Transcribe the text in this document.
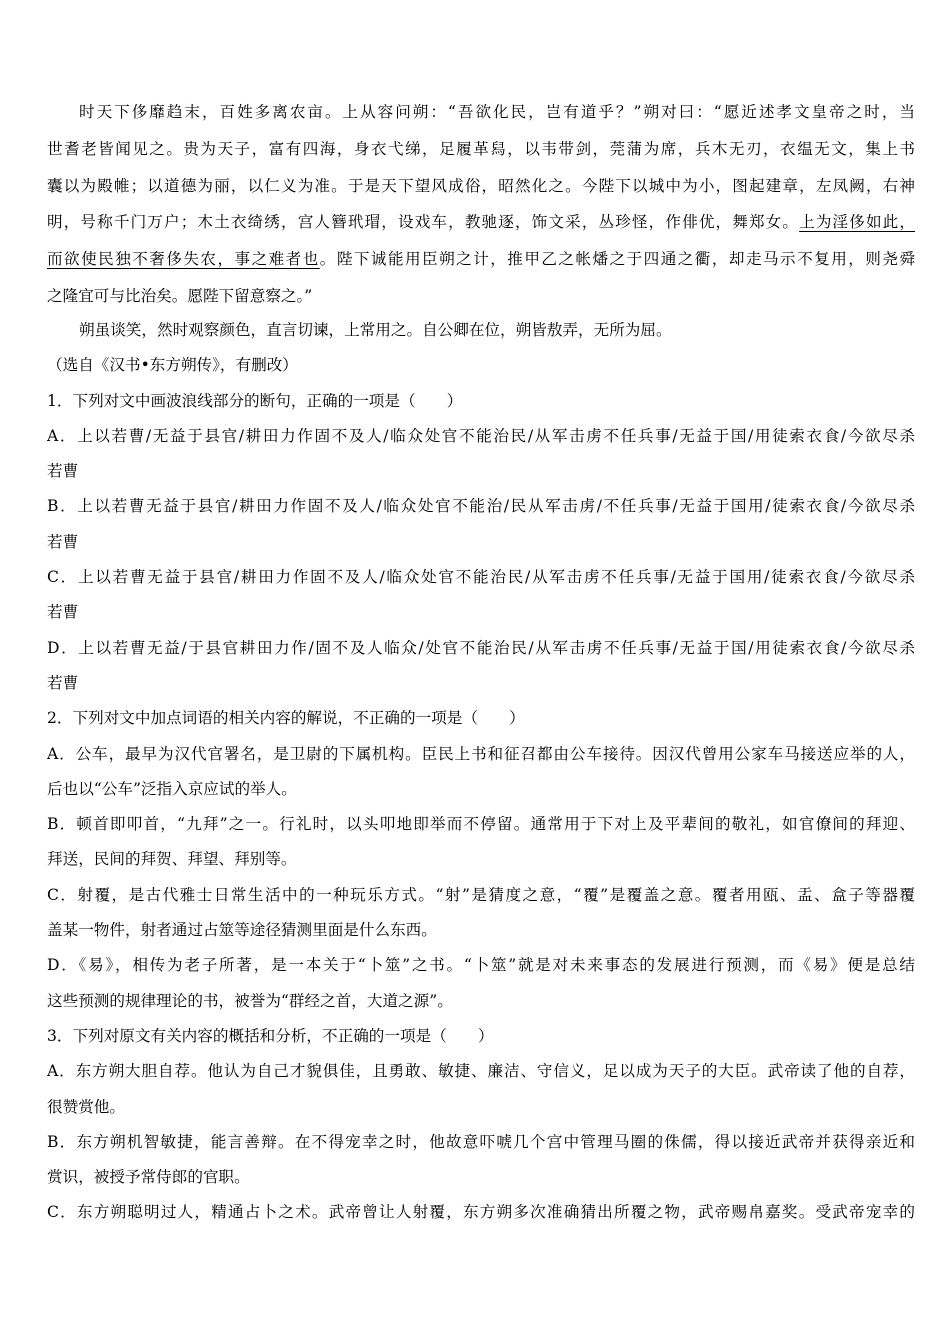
时天下侈靡趋末，百姓多离农亩。上从容问朔：“吾欲化民，岂有道乎？”朔对曰：“愿近述孝文皇帝之时，当
世耆老皆闻见之。贵为天子，富有四海，身衣弋绨，足履革舄，以韦带剑，莞蒲为席，兵木无刃，衣缊无文，集上书
囊以为殿帷；以道德为丽，以仁义为准。于是天下望风成俗，昭然化之。今陛下以城中为小，图起建章，左凤阙，右神
明，号称千门万户；木土衣绮绣，宫人簪玳瑁，设戏车，教驰逐，饰文采，丛珍怪，作俳优，舞郑女。上为淫侈如此，
而欲使民独不奢侈失农，事之难者也。陛下诚能用臣朔之计，推甲乙之帐燔之于四通之衢，却走马示不复用，则尧舜
之隆宜可与比治矣。愿陛下留意察之。”
朔虽谈笑，然时观察颜色，直言切谏，上常用之。自公卿在位，朔皆敖弄，无所为屈。
（选自《汉书•东方朔传》，有删改）
1．下列对文中画波浪线部分的断句，正确的一项是（　　）
A．上以若曹/无益于县官/耕田力作固不及人/临众处官不能治民/从军击虏不任兵事/无益于国/用徒索衣食/今欲尽杀
若曹
B．上以若曹无益于县官/耕田力作固不及人/临众处官不能治/民从军击虏/不任兵事/无益于国用/徒索衣食/今欲尽杀
若曹
C．上以若曹无益于县官/耕田力作固不及人/临众处官不能治民/从军击虏不任兵事/无益于国用/徒索衣食/今欲尽杀
若曹
D．上以若曹无益/于县官耕田力作/固不及人临众/处官不能治民/从军击虏不任兵事/无益于国/用徒索衣食/今欲尽杀
若曹
2．下列对文中加点词语的相关内容的解说，不正确的一项是（　　）
A．公车，最早为汉代官署名，是卫尉的下属机构。臣民上书和征召都由公车接待。因汉代曾用公家车马接送应举的人，
后也以“公车”泛指入京应试的举人。
B．顿首即叩首，“九拜”之一。行礼时，以头叩地即举而不停留。通常用于下对上及平辈间的敬礼，如官僚间的拜迎、
拜送，民间的拜贺、拜望、拜别等。
C．射覆，是古代雅士日常生活中的一种玩乐方式。“射”是猜度之意，“覆”是覆盖之意。覆者用瓯、盂、盒子等器覆
盖某一物件，射者通过占筮等途径猜测里面是什么东西。
D．《易》，相传为老子所著，是一本关于“卜筮”之书。“卜筮”就是对未来事态的发展进行预测，而《易》便是总结
这些预测的规律理论的书，被誉为“群经之首，大道之源”。
3．下列对原文有关内容的概括和分析，不正确的一项是（　　）
A．东方朔大胆自荐。他认为自己才貌俱佳，且勇敢、敏捷、廉洁、守信义，足以成为天子的大臣。武帝读了他的自荐，
很赞赏他。
B．东方朔机智敏捷，能言善辩。在不得宠幸之时，他故意吓唬几个宫中管理马圈的侏儒，得以接近武帝并获得亲近和
赏识，被授予常侍郎的官职。
C．东方朔聪明过人，精通占卜之术。武帝曾让人射覆，东方朔多次准确猜出所覆之物，武帝赐帛嘉奖。受武帝宠幸的
